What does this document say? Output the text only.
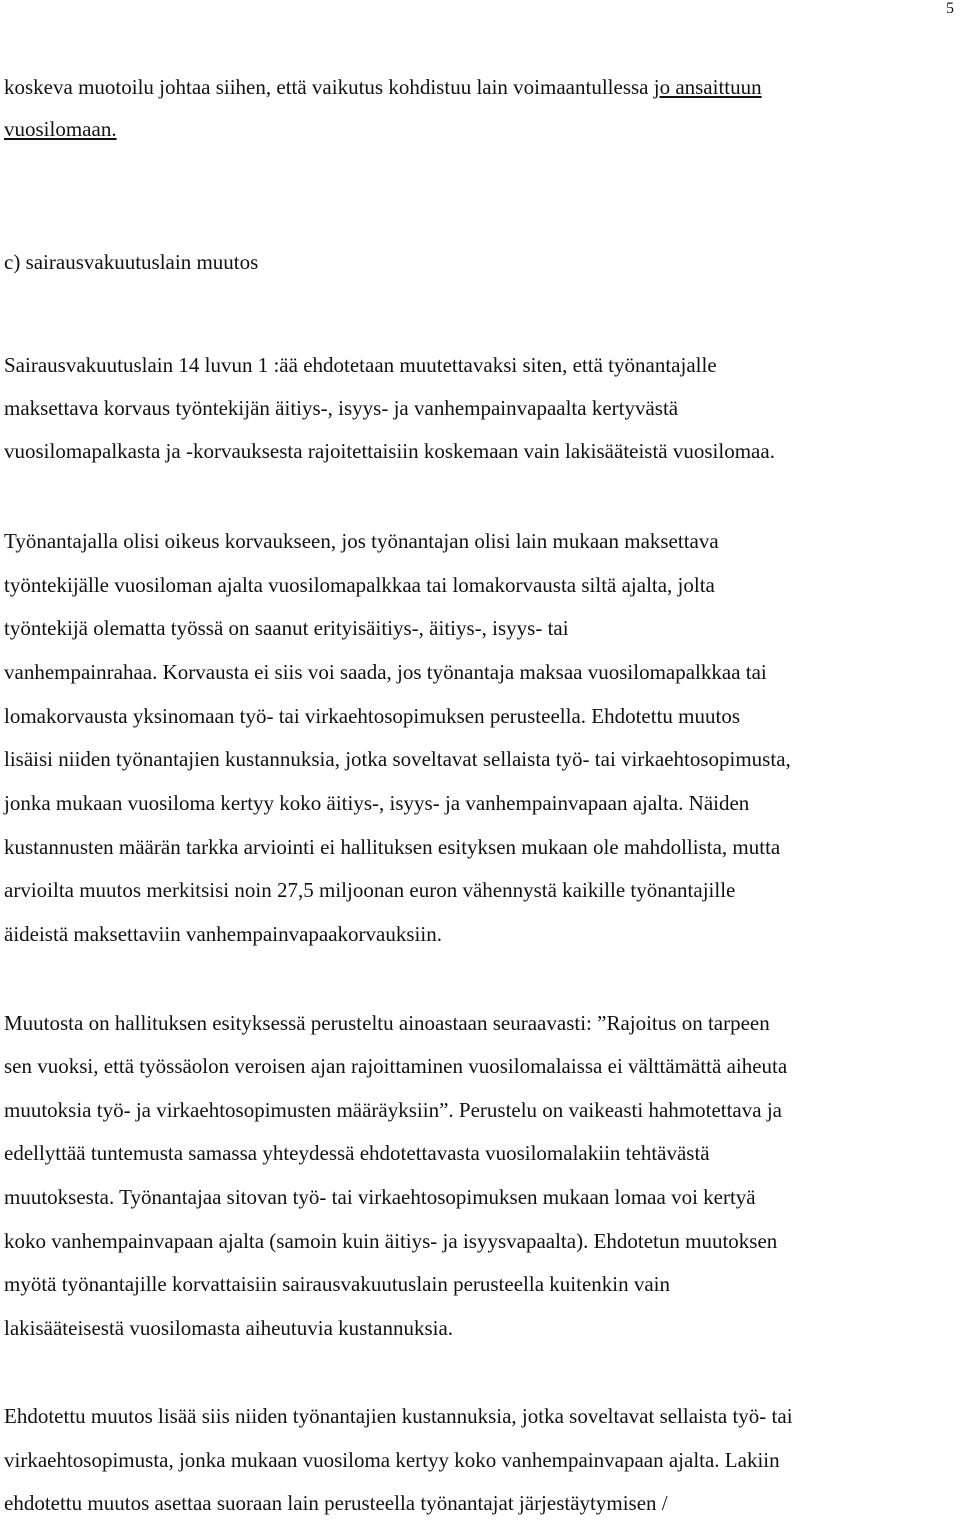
5
koskeva muotoilu johtaa siihen, että vaikutus kohdistuu lain voimaantullessa jo ansaittuun
vuosilomaan.
c) sairausvakuutuslain muutos
Sairausvakuutuslain 14 luvun 1 :ää ehdotetaan muutettavaksi siten, että työnantajalle
maksettava korvaus työntekijän äitiys-, isyys- ja vanhempainvapaalta kertyvästä
vuosilomapalkasta ja -korvauksesta rajoitettaisiin koskemaan vain lakisääteistä vuosilomaa.
Työnantajalla olisi oikeus korvaukseen, jos työnantajan olisi lain mukaan maksettava
työntekijälle vuosiloman ajalta vuosilomapalkkaa tai lomakorvausta siltä ajalta, jolta
työntekijä olematta työssä on saanut erityisäitiys-, äitiys-, isyys- tai
vanhempainrahaa. Korvausta ei siis voi saada, jos työnantaja maksaa vuosilomapalkkaa tai
lomakorvausta yksinomaan työ- tai virkaehtosopimuksen perusteella. Ehdotettu muutos
lisäisi niiden työnantajien kustannuksia, jotka soveltavat sellaista työ- tai virkaehtosopimusta,
jonka mukaan vuosiloma kertyy koko äitiys-, isyys- ja vanhempainvapaan ajalta. Näiden
kustannusten määrän tarkka arviointi ei hallituksen esityksen mukaan ole mahdollista, mutta
arvioilta muutos merkitsisi noin 27,5 miljoonan euron vähennystä kaikille työnantajille
äideistä maksettaviin vanhempainvapaakorvauksiin.
Muutosta on hallituksen esityksessä perusteltu ainoastaan seuraavasti: ”Rajoitus on tarpeen
sen vuoksi, että työssäolon veroisen ajan rajoittaminen vuosilomalaissa ei välttämättä aiheuta
muutoksia työ- ja virkaehtosopimusten määräyksiin”. Perustelu on vaikeasti hahmotettava ja
edellyttää tuntemusta samassa yhteydessä ehdotettavasta vuosilomalakiin tehtävästä
muutoksesta. Työnantajaa sitovan työ- tai virkaehtosopimuksen mukaan lomaa voi kertyä
koko vanhempainvapaan ajalta (samoin kuin äitiys- ja isyysvapaalta). Ehdotetun muutoksen
myötä työnantajille korvattaisiin sairausvakuutuslain perusteella kuitenkin vain
lakisääteisestä vuosilomasta aiheutuvia kustannuksia.
Ehdotettu muutos lisää siis niiden työnantajien kustannuksia, jotka soveltavat sellaista työ- tai
virkaehtosopimusta, jonka mukaan vuosiloma kertyy koko vanhempainvapaan ajalta. Lakiin
ehdotettu muutos asettaa suoraan lain perusteella työnantajat järjestäytymisen /
